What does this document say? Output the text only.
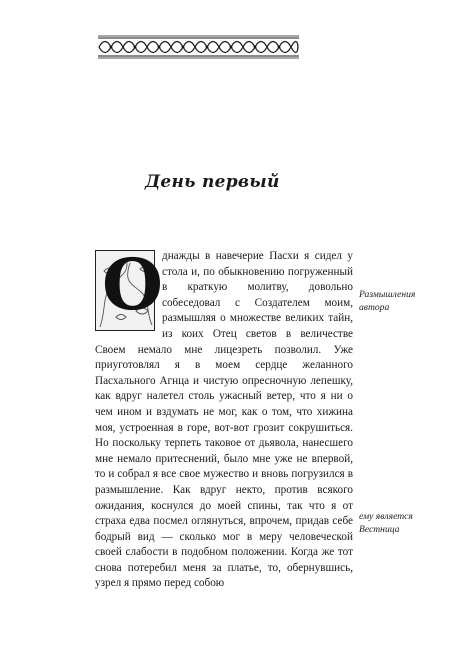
День первый
О днажды в навечерие Пасхи я сидел у стола и, по обыкновению погруженный в краткую молитву, довольно собеседовал с Создателем моим, размышляя о множестве великих тайн, из коих Отец светов в величестве Своем немало мне лицезреть позволил. Уже приуготовлял я в моем сердце желанного Пасхального Агнца и чистую опресночную лепешку, как вдруг налетел столь ужасный ветер, что я ни о чем ином и вздумать не мог, как о том, что хижина моя, устроенная в горе, вот-вот грозит сокрушиться. Но поскольку терпеть таковое от дьявола, нанесшего мне немало притеснений, было мне уже не впервой, то и собрал я все свое мужество и вновь погрузился в размышление. Как вдруг некто, против всякого ожидания, коснулся до моей спины, так что я от страха едва посмел оглянуться, впрочем, придав себе бодрый вид — сколько мог в меру человеческой своей слабости в подобном положении. Когда же тот снова потеребил меня за платье, то, обернувшись, узрел я прямо перед собою

Размышления
автора
ему является
Вестница
